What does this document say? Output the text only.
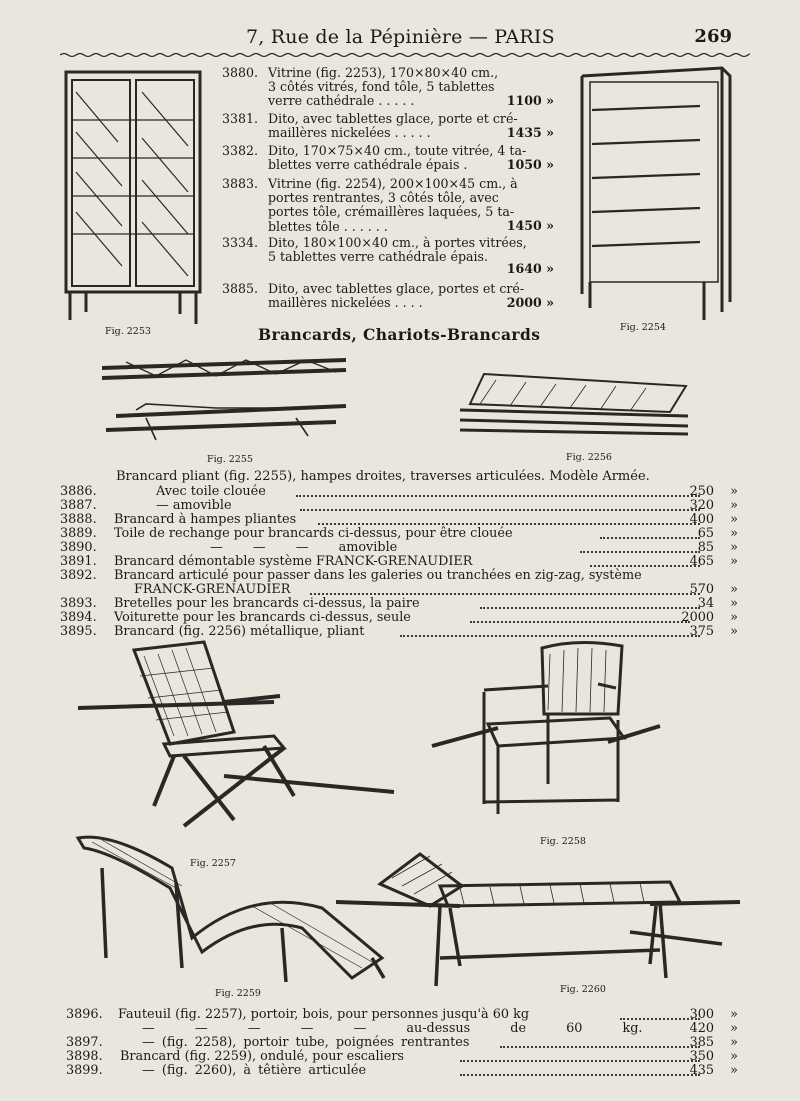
7, Rue de la Pépinière — PARIS	269
Fig. 2253	Fig. 2254
3880. Vitrine (fig. 2253), 170×80×40 cm.,
3 côtés vitrés, fond tôle, 5 tablettes
verre cathédrale . . . . .	1100 »
3381. Dito, avec tablettes glace, porte et cré-
maillères nickelées . . . . .	1435 »
3382. Dito, 170×75×40 cm., toute vitrée, 4 ta-
blettes verre cathédrale épais .	1050 »
3883. Vitrine (fig. 2254), 200×100×45 cm., à
portes rentrantes, 3 côtés tôle, avec
portes tôle, crémaillères laquées, 5 ta-
blettes tôle . . . . . .	1450 »
3334. Dito, 180×100×40 cm., à portes vitrées,
5 tablettes verre cathédrale épais.
1640 »
3885. Dito, avec tablettes glace, portes et cré-
maillères nickelées . . . .	2000 »
Brancards, Chariots-Brancards
Fig. 2255	Fig. 2256
Brancard pliant (fig. 2255), hampes droites, traverses articulées. Modèle Armée.
3886.	Avec toile clouée	250 »
3887.	— amovible	320 »
3888. Brancard à hampes pliantes	400 »
3889. Toile de rechange pour brancards ci-dessus, pour être clouée	65 »
3890.	— — — amovible	85 »
3891. Brancard démontable système FRANCK-GRENAUDIER	465 »
3892. Brancard articulé pour passer dans les galeries ou tranchées en zig-zag, système
FRANCK-GRENAUDIER	570 »
3893. Bretelles pour les brancards ci-dessus, la paire	34 »
3894. Voiturette pour les brancards ci-dessus, seule	2000 »
3895. Brancard (fig. 2256) métallique, pliant	375 »
Fig. 2257
Fig. 2258
Fig. 2259	Fig. 2260
3896. Fauteuil (fig. 2257), portoir, bois, pour personnes jusqu'à 60 kg	300 »
— — — — — au-dessus de 60 kg.	420 »
3897.	— (fig. 2258), portoir tube, poignées rentrantes	385 »
3898. Brancard (fig. 2259), ondulé, pour escaliers	350 »
3899.	— (fig. 2260), à têtière articulée	435 »
